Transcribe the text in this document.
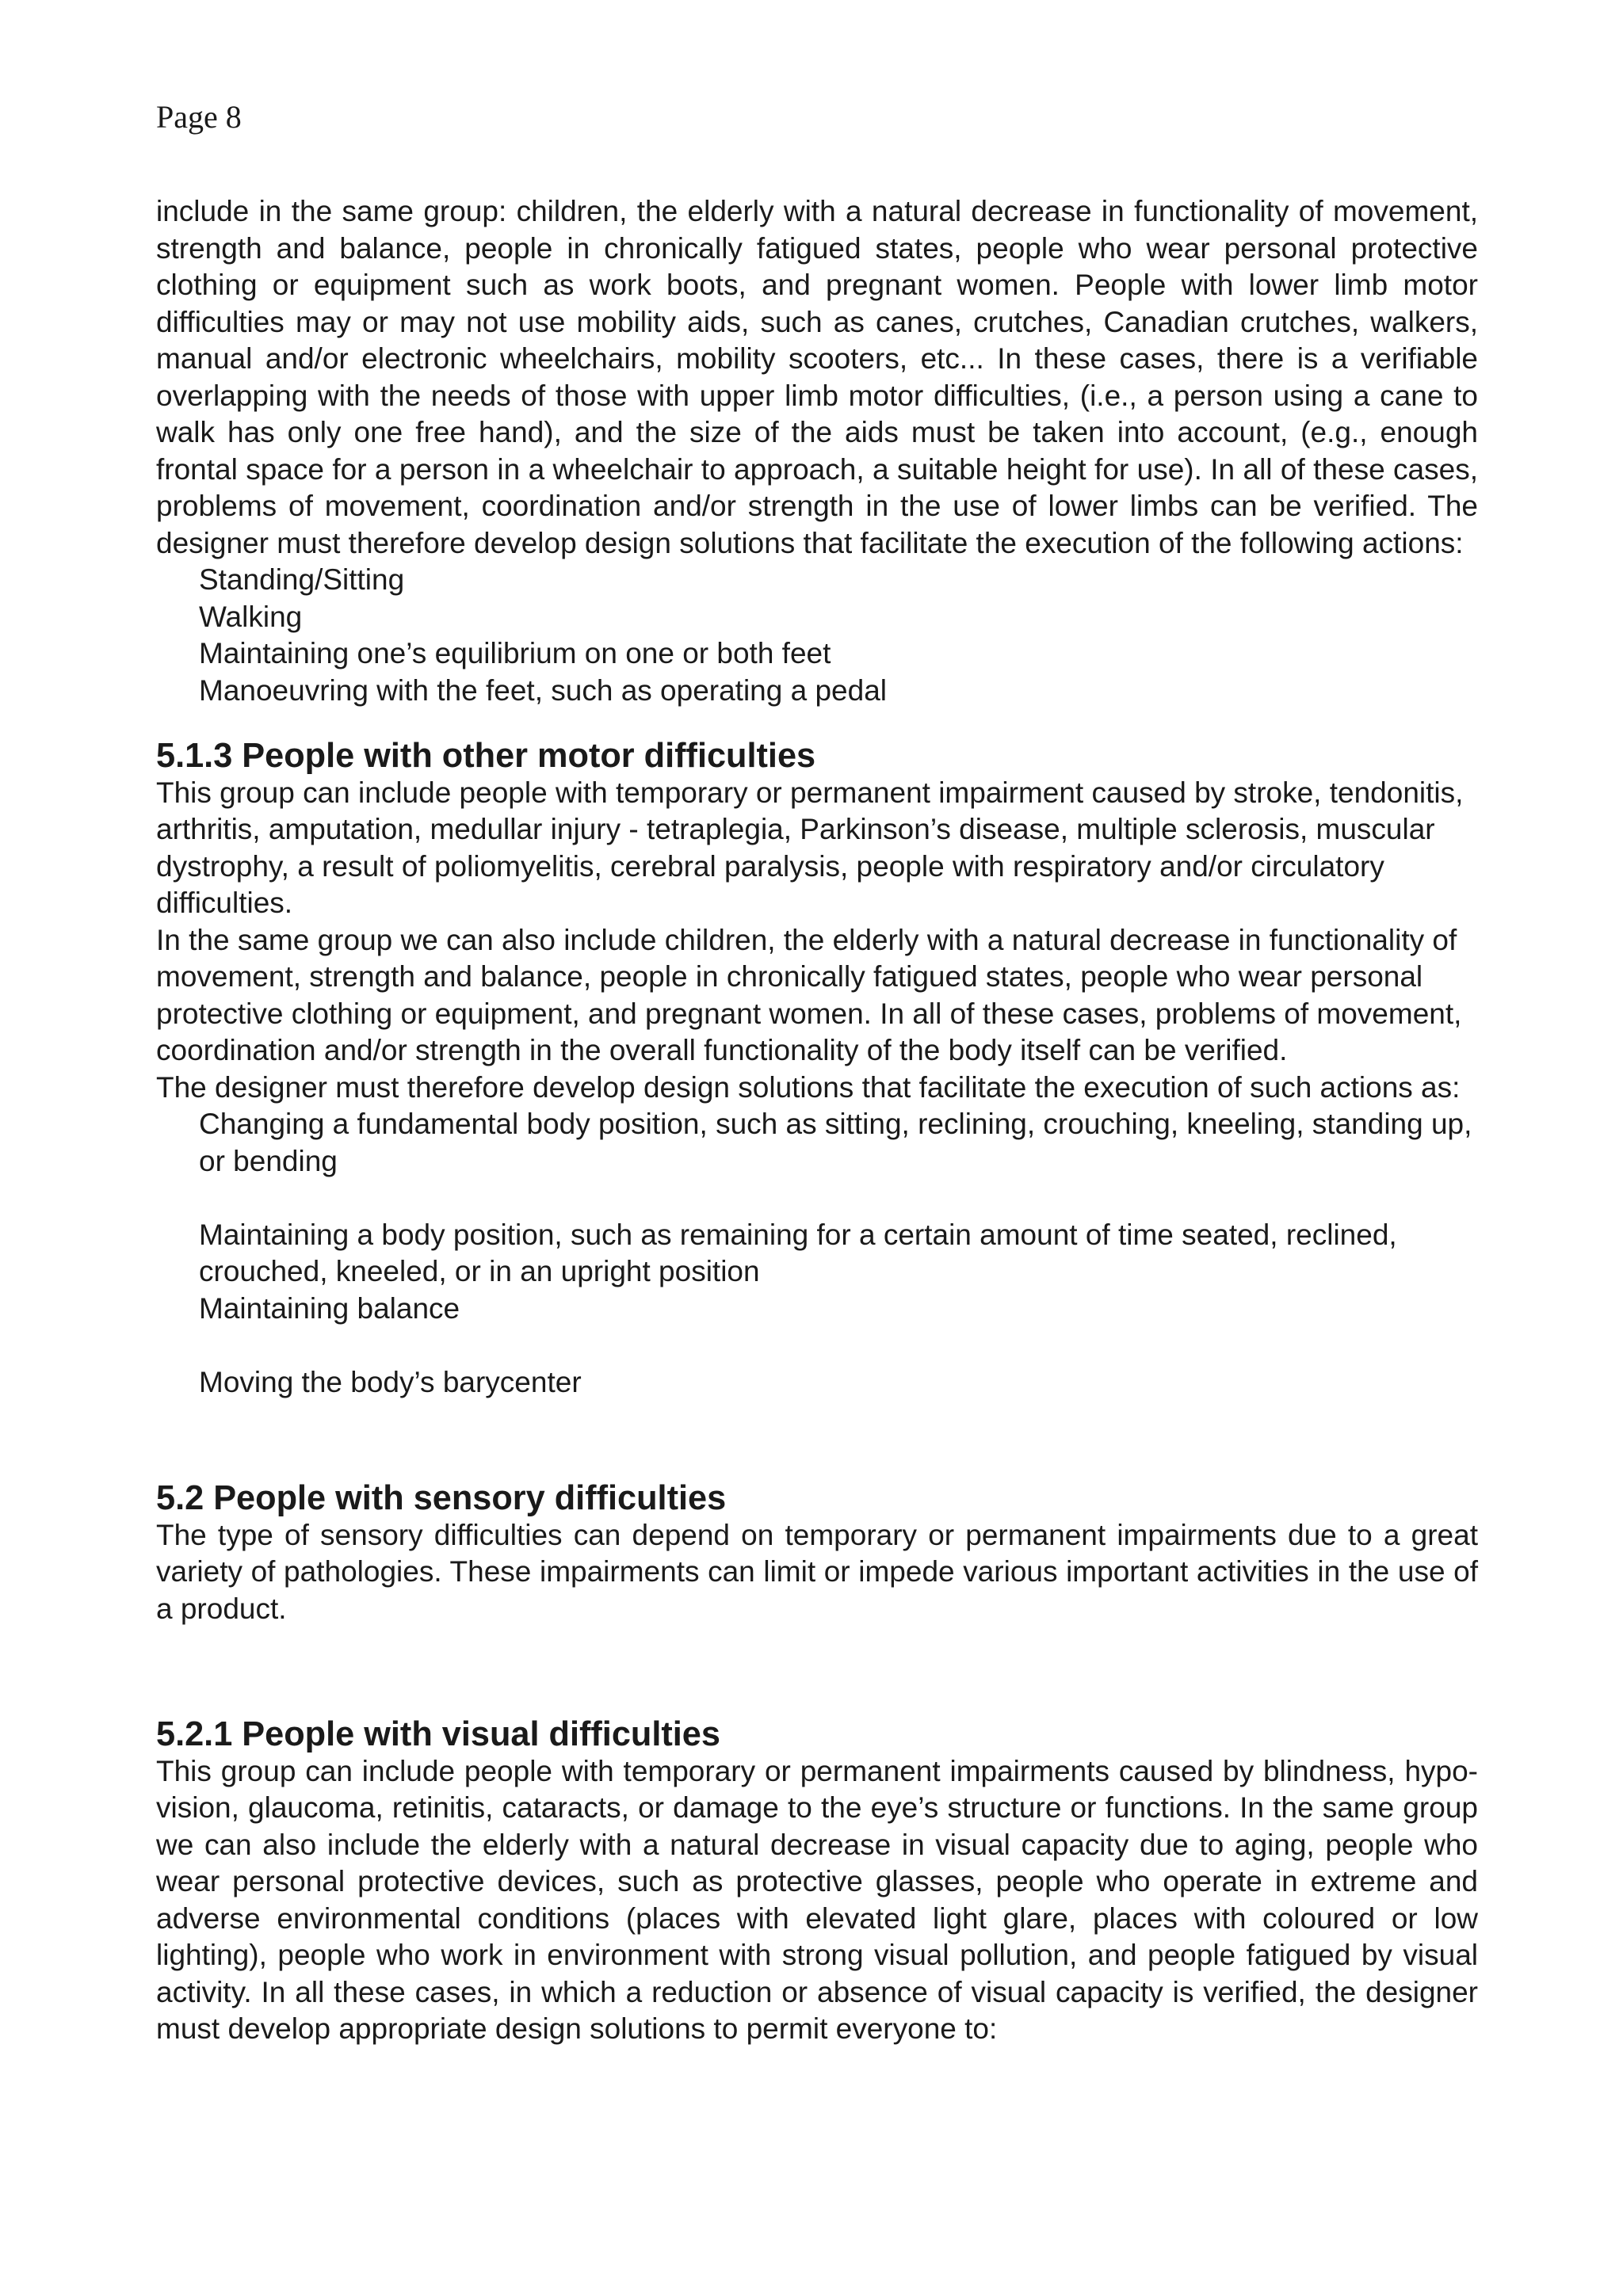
Page 8

include in the same group: children, the elderly with a natural decrease in functionality of movement, strength and balance, people in chronically fatigued states, people who wear personal protective clothing or equipment such as work boots, and pregnant women. People with lower limb motor difficulties may or may not use mobility aids, such as canes, crutches, Canadian crutches, walkers, manual and/or electronic wheelchairs, mobility scooters, etc... In these cases, there is a verifiable overlapping with the needs of those with upper limb motor difficulties, (i.e., a person using a cane to walk has only one free hand), and the size of the aids must be taken into account, (e.g., enough frontal space for a person in a wheelchair to approach, a suitable height for use). In all of these cases, problems of movement, coordination and/or strength in the use of lower limbs can be verified. The designer must therefore develop design solutions that facilitate the execution of the following actions:

Standing/Sitting
Walking
Maintaining one’s equilibrium on one or both feet
Manoeuvring with the feet, such as operating a pedal
5.1.3 People with other motor difficulties

This group can include people with temporary or permanent impairment caused by stroke, tendonitis, arthritis, amputation, medullar injury - tetraplegia, Parkinson’s disease, multiple sclerosis, muscular dystrophy, a result of poliomyelitis, cerebral paralysis, people with respiratory and/or circulatory

difficulties.

In the same group we can also include children, the elderly with a natural decrease in functionality of movement, strength and balance, people in chronically fatigued states, people who wear personal protective clothing or equipment, and pregnant women. In all of these cases, problems of movement, coordination and/or strength in the overall functionality of the body itself can be verified.

The designer must therefore develop design solutions that facilitate the execution of such actions as:

Changing a fundamental body position, such as sitting, reclining, crouching, kneeling, standing up, or bending
Maintaining a body position, such as remaining for a certain amount of time seated, reclined, crouched, kneeled, or in an upright position
Maintaining balance
Moving the body’s barycenter
5.2 People with sensory difficulties

The type of sensory difficulties can depend on temporary or permanent impairments due to a great variety of pathologies. These impairments can limit or impede various important activities in the use of a product.

5.2.1 People with visual difficulties

This group can include people with temporary or permanent impairments caused by blindness, hypo-vision, glaucoma, retinitis, cataracts, or damage to the eye’s structure or functions. In the same group we can also include the elderly with a natural decrease in visual capacity due to aging, people who wear personal protective devices, such as protective glasses, people who operate in extreme and adverse environmental conditions (places with elevated light glare, places with coloured or low lighting), people who work in environment with strong visual pollution, and people fatigued by visual activity. In all these cases, in which a reduction or absence of visual capacity is verified, the designer must develop appropriate design solutions to permit everyone to:
